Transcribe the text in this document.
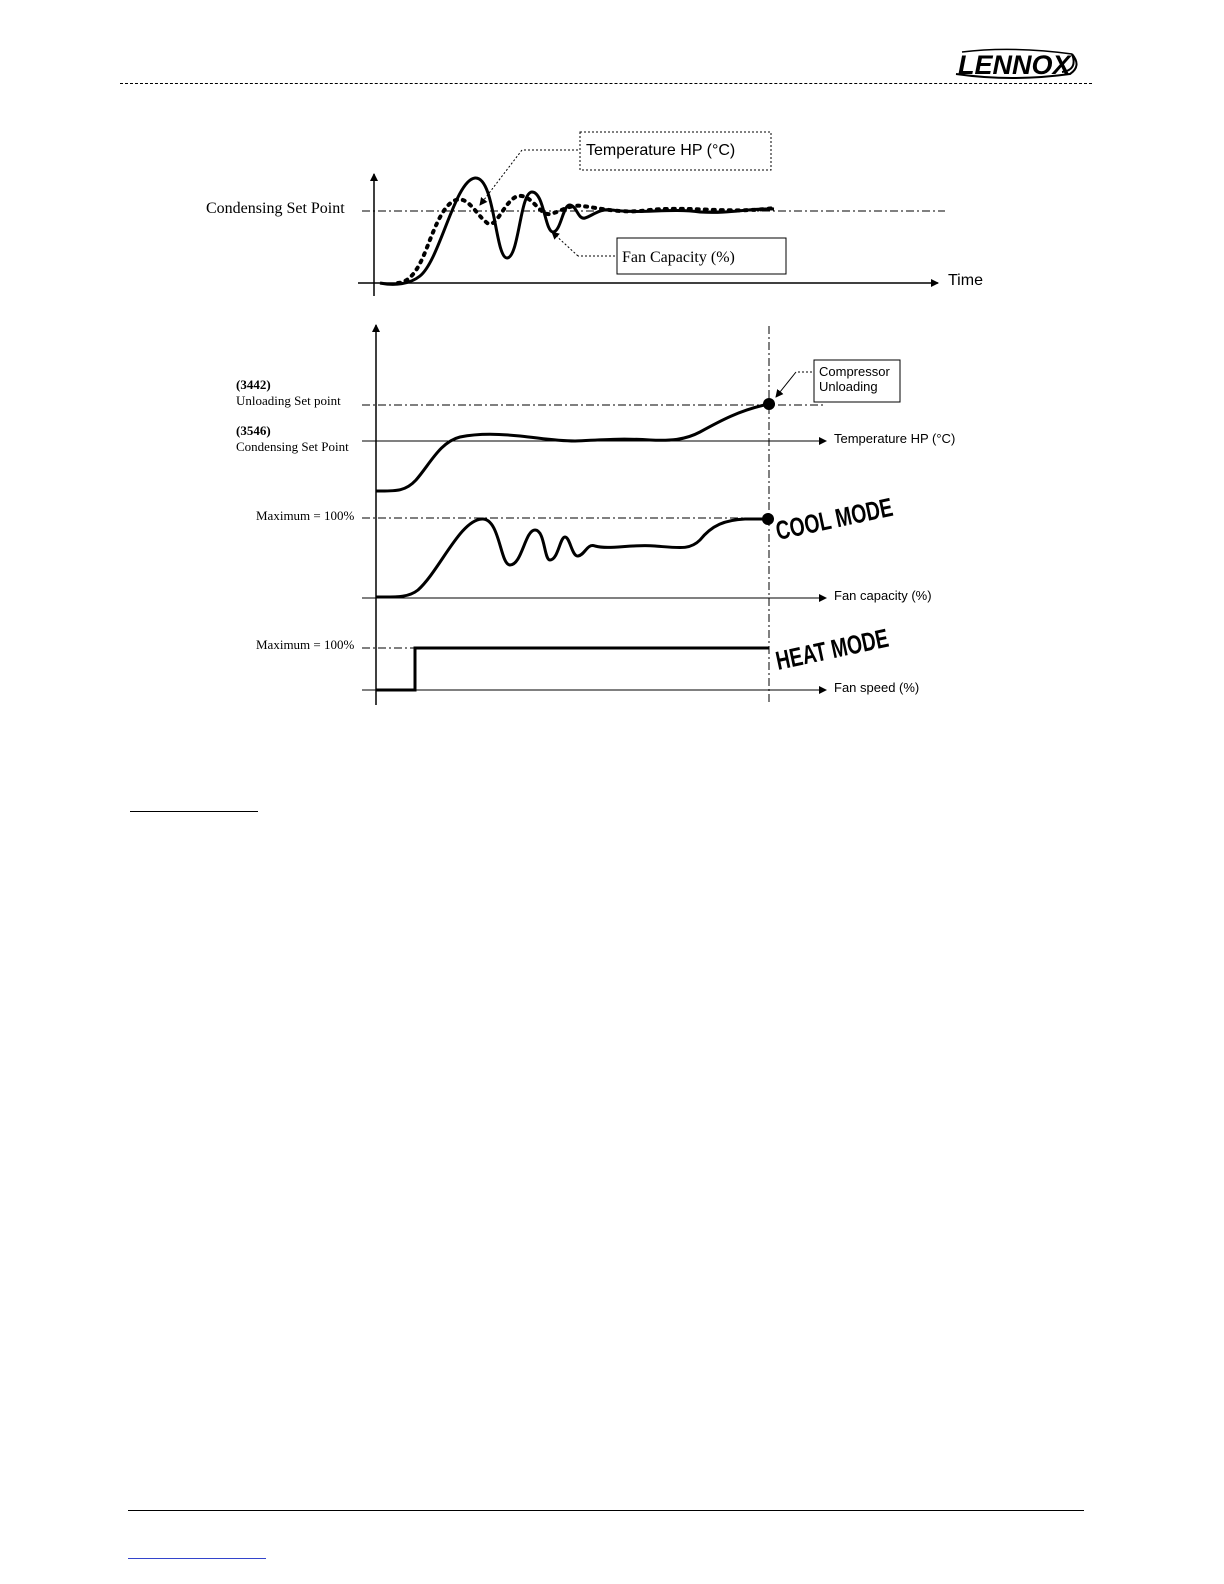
LENNOX
Condensing Set Point
Time
Temperature HP (°C)
Fan Capacity (%)
(3442)
Unloading Set point
(3546)
Condensing Set Point
Temperature HP (°C)
Compressor
Unloading
Maximum = 100%
Fan capacity (%)
COOL MODE
Maximum = 100%
Fan speed (%)
HEAT MODE
